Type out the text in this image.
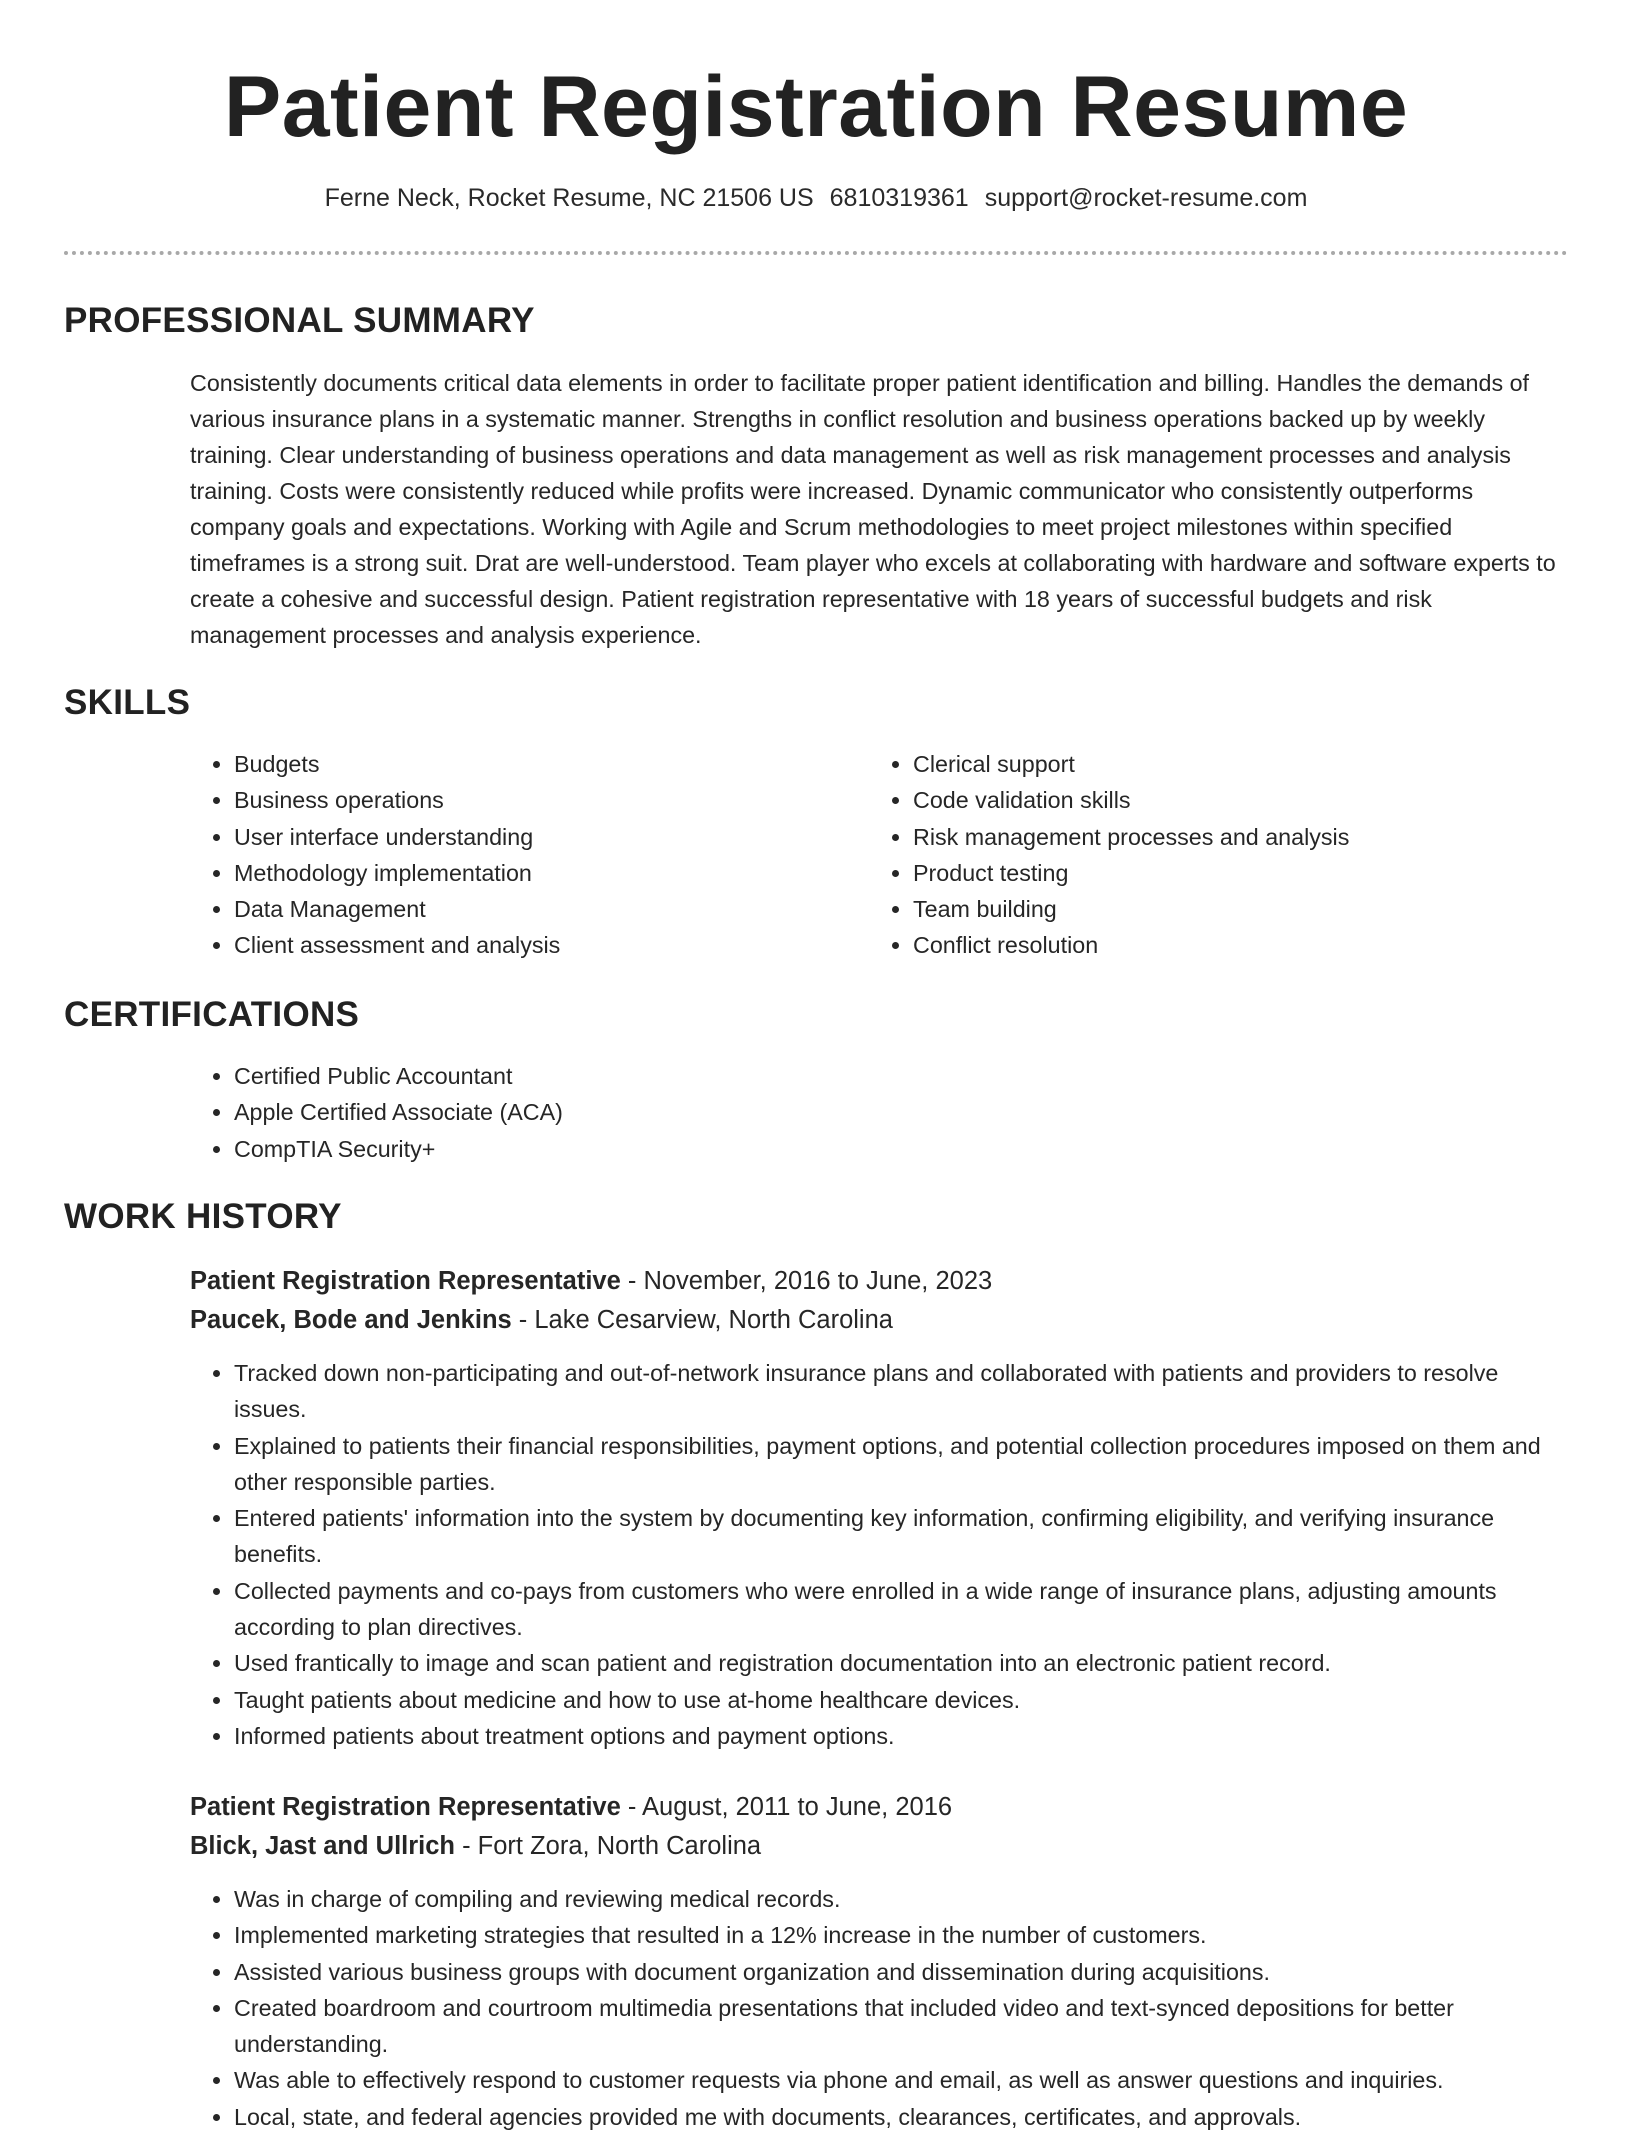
Patient Registration Resume
Ferne Neck, Rocket Resume, NC 21506 US 6810319361 support@rocket-resume.com
PROFESSIONAL SUMMARY
Consistently documents critical data elements in order to facilitate proper patient identification and billing. Handles the demands of various insurance plans in a systematic manner. Strengths in conflict resolution and business operations backed up by weekly training. Clear understanding of business operations and data management as well as risk management processes and analysis training. Costs were consistently reduced while profits were increased. Dynamic communicator who consistently outperforms company goals and expectations. Working with Agile and Scrum methodologies to meet project milestones within specified timeframes is a strong suit. Drat are well-understood. Team player who excels at collaborating with hardware and software experts to create a cohesive and successful design. Patient registration representative with 18 years of successful budgets and risk management processes and analysis experience.
SKILLS
• Budgets
• Business operations
• User interface understanding
• Methodology implementation
• Data Management
• Client assessment and analysis
• Clerical support
• Code validation skills
• Risk management processes and analysis
• Product testing
• Team building
• Conflict resolution
CERTIFICATIONS
• Certified Public Accountant
• Apple Certified Associate (ACA)
• CompTIA Security+
WORK HISTORY
Patient Registration Representative - November, 2016 to June, 2023
Paucek, Bode and Jenkins - Lake Cesarview, North Carolina
• Tracked down non-participating and out-of-network insurance plans and collaborated with patients and providers to resolve issues.
• Explained to patients their financial responsibilities, payment options, and potential collection procedures imposed on them and other responsible parties.
• Entered patients' information into the system by documenting key information, confirming eligibility, and verifying insurance benefits.
• Collected payments and co-pays from customers who were enrolled in a wide range of insurance plans, adjusting amounts according to plan directives.
• Used frantically to image and scan patient and registration documentation into an electronic patient record.
• Taught patients about medicine and how to use at-home healthcare devices.
• Informed patients about treatment options and payment options.
Patient Registration Representative - August, 2011 to June, 2016
Blick, Jast and Ullrich - Fort Zora, North Carolina
• Was in charge of compiling and reviewing medical records.
• Implemented marketing strategies that resulted in a 12% increase in the number of customers.
• Assisted various business groups with document organization and dissemination during acquisitions.
• Created boardroom and courtroom multimedia presentations that included video and text-synced depositions for better understanding.
• Was able to effectively respond to customer requests via phone and email, as well as answer questions and inquiries.
• Local, state, and federal agencies provided me with documents, clearances, certificates, and approvals.
